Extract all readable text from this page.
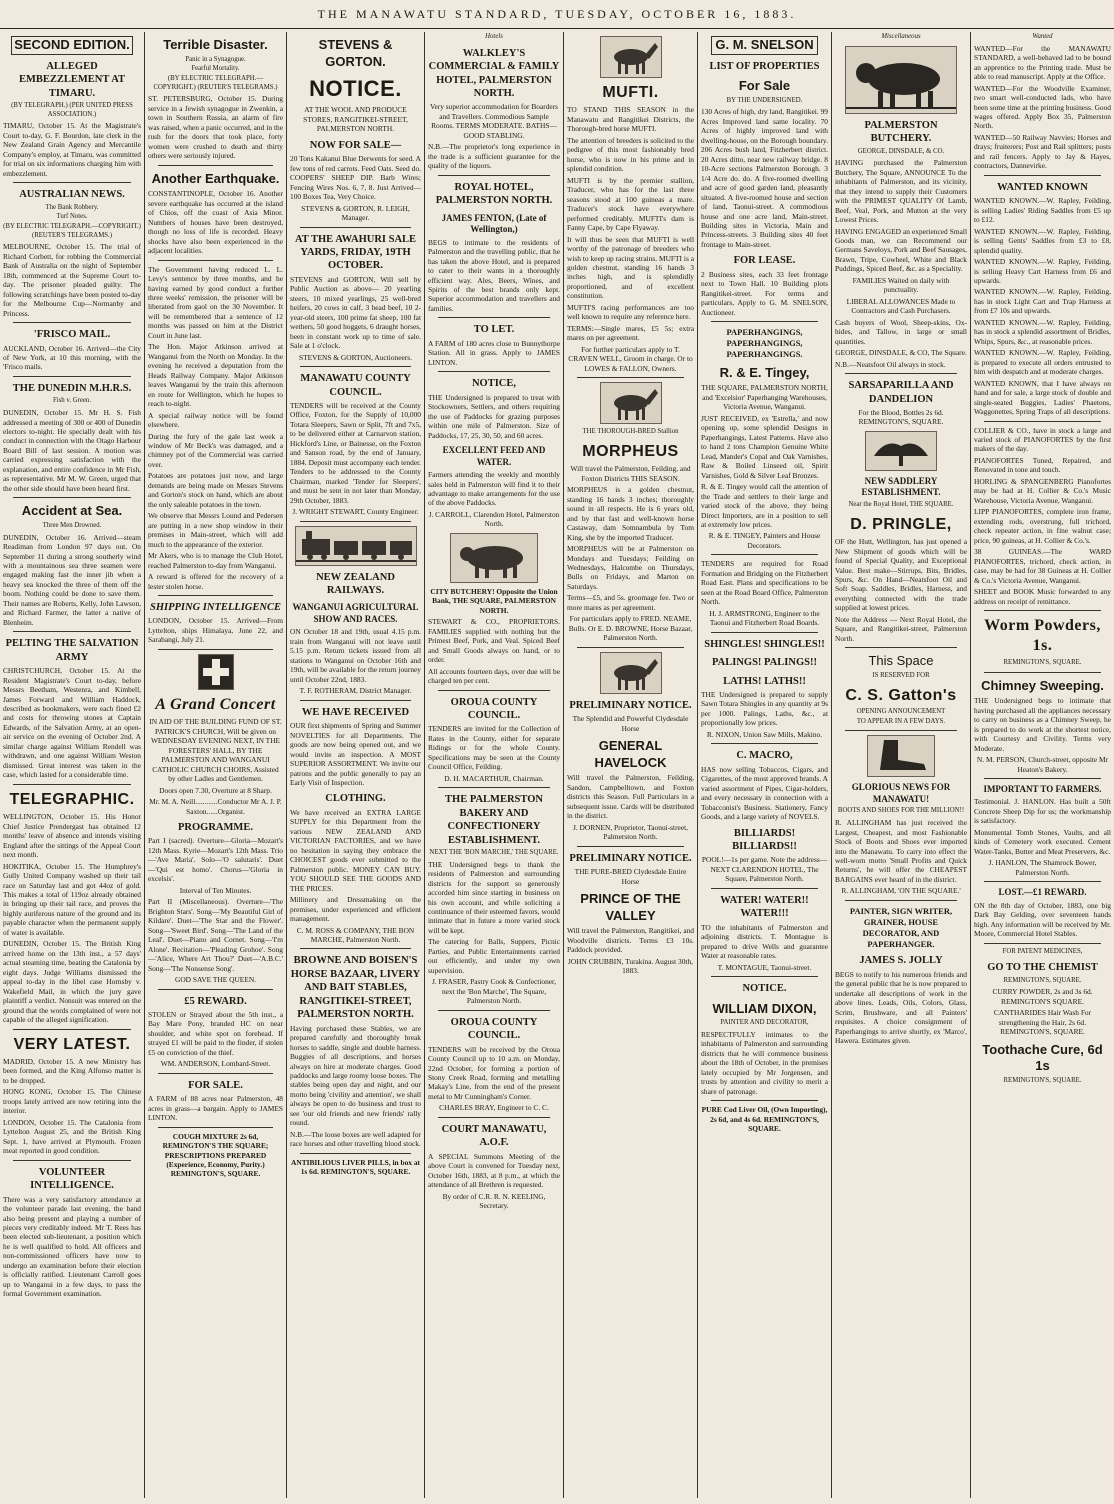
THE MANAWATU STANDARD, TUESDAY, OCTOBER 16, 1883.
SECOND EDITION.
ALLEGED EMBEZZLEMENT AT TIMARU.
(BY TELEGRAPH.) (PER UNITED PRESS ASSOCIATION.)

TIMARU, October 15. At the Magistrate's Court to-day, G. F. Bourdon, late clerk in the New Zealand Grain Agency and Mercantile Company's employ, at Timaru, was committed for trial on six informations charging him with embezzlement.

AUSTRALIAN NEWS.
The Bank Robbery.
Turf Notes.
(BY ELECTRIC TELEGRAPH.—COPYRIGHT.) (REUTER'S TELEGRAMS.)

MELBOURNE, October 15. The trial of Richard Corbett, for robbing the Commercial Bank of Australia on the night of September 18th, commenced at the Supreme Court to-day. The prisoner pleaded guilty. The following scratchings have been posted to-day for the Melbourne Cup—Normanby and Princess.

'FRISCO MAIL.

AUCKLAND, October 16. Arrived—the City of New York, at 10 this morning, with the 'Frisco mails.

THE DUNEDIN M.H.R.S.
Fish v. Green.

DUNEDIN, October 15. Mr H. S. Fish addressed a meeting of 300 or 400 of Dunedin electors to-night. He specially dealt with his conduct in connection with the Otago Harbour Board Bill of last session. A motion was carried expressing satisfaction with the explanation, and entire confidence in Mr Fish, as representative. Mr M. W. Green, urged that the other side should have been heard first.

Accident at Sea.
Three Men Drowned.

DUNEDIN, October 16. Arrived—steam Readiman from London 97 days out. On September 11 during a strong southerly wind with a mountainous sea three seamen were engaged making fast the inner jib when a heavy sea knocked the three of them off the boom. Nothing could be done to save them. Their names are Roberts, Kelly, John Lawson, and Richard Farmer, the latter a native of Blenheim.

PELTING THE SALVATION ARMY

CHRISTCHURCH, October 15. At the Resident Magistrate's Court to-day, before Messrs Beetham, Westenra, and Kimbell, James Forward and William Haddock, described as bookmakers, were each fined £2 and costs for throwing stones at Captain Edwards, of the Salvation Army, at an open-air service on the evening of October 2nd. A similar charge against William Rendell was withdrawn, and one against William Weston dismissed. Great interest was taken in the case, which lasted for a considerable time.

TELEGRAPHIC.

WELLINGTON, October 15. His Honor Chief Justice Prendergast has obtained 12 months' leave of absence and intends visiting England after the sittings of the Appeal Court next month.

HOKITIKA, October 15. The Humphrey's Gully United Company washed up their tail race on Saturday last and got 44oz of gold. This makes a total of 119oz already obtained in bringing up their tail race, and proves the highly auriferous nature of the ground and its payable character when the permanent supply of water is available.

DUNEDIN, October 15. The British King arrived home on the 13th inst., a 57 days' actual steaming time, beating the Catalonia by eight days. Judge Williams dismissed the appeal to-day in the libel case Hornsby v. Wakefield Mail, in which the jury gave plaintiff a verdict. Nonsuit was entered on the ground that the words complained of were not capable of the alleged signification.

VERY LATEST.

MADRID, October 15. A new Ministry has been formed, and the King Alfonso matter is to be dropped.

HONG KONG, October 15. The Chinese troops lately arrived are now retiring into the interior.

LONDON, October 15. The Catalonia from Lyttelton August 25, and the British King Sept. 1, have arrived at Plymouth. Frozen meat reported in good condition.

VOLUNTEER INTELLIGENCE.

There was a very satisfactory attendance at the volunteer parade last evening, the band also being present and playing a number of pieces very creditably indeed. Mr T. Rees has been elected sub-lieutenant, a position which he is well qualified to hold. All officers and non-commissioned officers have now to undergo an examination before their election is officially ratified. Lieutenant Carroll goes up to Wanganui in a few days, to pass the formal Government examination.

Terrible Disaster.
Panic in a Synagogue.
Fearful Mortality.
(BY ELECTRIC TELEGRAPH.—COPYRIGHT.) (REUTER'S TELEGRAMS.)

ST. PETERSBURG, October 15. During service in a Jewish synagogue in Zwenkin, a town in Southern Russia, an alarm of fire was raised, when a panic occurred, and in the rush for the doors that took place, forty women were crushed to death and thirty others were seriously injured.

Another Earthquake.

CONSTANTINOPLE, October 16. Another severe earthquake has occurred at the island of Chios, off the coast of Asia Minor. Numbers of houses have been destroyed, though no loss of life is recorded. Heavy shocks have also been experienced in the adjacent localities.

The Government having reduced L. L. Levy's sentence by three months, and he having earned by good conduct a further three weeks' remission, the prisoner will be liberated from gaol on the 30 November. It will be remembered that a sentence of 12 months was passed on him at the District Court in June last.

The Hon. Major Atkinson arrived at Wanganui from the North on Monday. In the evening he received a deputation from the Heads Railway Company. Major Atkinson leaves Wanganui by the train this afternoon en route for Wellington, which he hopes to reach to-night.

A special railway notice will be found elsewhere.

During the fury of the gale last week a window of Mr Beck's was damaged, and a chimney pot of the Commercial was carried over.

Potatoes are potatoes just now, and large demands are being made on Messrs Stevens and Gorton's stock on hand, which are about the only saleable potatoes in the town.

We observe that Messrs Lound and Pedersen are putting in a new shop window in their premises in Main-street, which will add much to the appearance of the exterior.

Mr Akers, who is to manage the Club Hotel, reached Palmerston to-day from Wanganui.

A reward is offered for the recovery of a lester stolen horse.

SHIPPING INTELLIGENCE

LONDON, October 15. Arrived—From Lyttelton, ships Himalaya, June 22, and Sarabangi, July 21.

A Grand Concert

IN AID OF THE BUILDING FUND OF ST. PATRICK'S CHURCH, Will be given on WEDNESDAY EVENING NEXT, IN THE FORESTERS' HALL, BY THE PALMERSTON AND WANGANUI CATHOLIC CHURCH CHOIRS, Assisted by other Ladies and Gentlemen.

Doors open 7.30, Overture at 8 Sharp.

Mr. M. A. Neill............Conductor Mr A. J. P. Saxton......Organist.

PROGRAMME.

Part I (sacred). Overture—Gloria—Mozart's 12th Mass. Kyrie—Mozart's 12th Mass. Trio—'Ave Maria'. Solo—'O salutaris'. Duet—'Qui est homo'. Chorus—'Gloria in excelsis'.

Interval of Ten Minutes.

Part II (Miscellaneous). Overture—'The Brighton Stars'. Song—'My Beautiful Girl of Kildare'. Duet—'The Star and the Flower'. Song—'Sweet Bird'. Song—'The Land of the Leal'. Duet—Piano and Cornet. Song—'I'm Alone'. Recitation—'Pleading Grohoe'. Song—'Alice, Where Art Thou?' Duet—'A.B.C.' Song—'The Nonsense Song'.

GOD SAVE THE QUEEN.

£5 REWARD.

STOLEN or Strayed about the 5th inst., a Bay Mare Pony, branded HC on near shoulder, and white spot on forehead. If strayed £1 will be paid to the finder, if stolen £5 on conviction of the thief.

WM. ANDERSON, Lombard-Street.

FOR SALE.

A FARM of 88 acres near Palmerston, 48 acres in grass—a bargain. Apply to JAMES LINTON.

COUGH MIXTURE 2s 6d, REMINGTON'S THE SQUARE; PRESCRIPTIONS PREPARED (Experience, Economy, Purity.) REMINGTON'S, SQUARE.

STEVENS & GORTON.
NOTICE.

AT THE WOOL AND PRODUCE STORES, RANGITIKEI-STREET, PALMERSTON NORTH.

NOW FOR SALE—

20 Tons Kakanui Blue Derwents for seed. A few tons of red carrots. Feed Oats. Seed do. COOPERS' SHEEP DIP. Barb Wires; Fencing Wires Nos. 6, 7, 8. Just Arrived—100 Boxes Tea, Very Choice.

STEVENS & GORTON, R. LEIGH, Manager.

AT THE AWAHURI SALE YARDS, FRIDAY, 19TH OCTOBER.

STEVENS and GORTON, Will sell by Public Auction as above— 20 yearling steers, 10 mixed yearlings, 25 well-bred heifers, 20 cows in calf, 3 head beef, 10 2-year-old steers, 100 prime fat sheep, 100 fat wethers, 50 good hoggets, 6 draught horses, been in constant work up to time of sale. Sale at 1 o'clock.

STEVENS & GORTON, Auctioneers.

MANAWATU COUNTY COUNCIL.

TENDERS will be received at the County Office, Foxton, for the Supply of 10,000 Totara Sleepers, Sawn or Split, 7ft and 7x5, to be delivered either at Carnarvon station, Hickford's Line, or Bainesse, on the Foxton and Sanson road, by the end of January, 1884. Deposit must accompany each tender. Tenders to be addressed to the County Chairman, marked 'Tender for Sleepers', and must be sent in not later than Monday, 29th October, 1883.

J. WRIGHT STEWART, County Engineer.

NEW ZEALAND RAILWAYS.
WANGANUI AGRICULTURAL SHOW AND RACES.

ON October 18 and 19th, usual 4.15 p.m. train from Wanganui will not leave until 5.15 p.m. Return tickets issued from all stations to Wanganui on October 16th and 19th, will be available for the return journey until October 22nd, 1883.

T. F. ROTHERAM, District Manager.

WE HAVE RECEIVED

OUR first shipments of Spring and Summer NOVELTIES for all Departments. The goods are now being opened out, and we would invite an inspection. A MOST SUPERIOR ASSORTMENT. We invite our patrons and the public generally to pay an Early Visit of Inspection.

CLOTHING.

We have received an EXTRA LARGE SUPPLY for this Department from the various NEW ZEALAND AND VICTORIAN FACTORIES, and we have no hesitation in saying they embrace the CHOICEST goods ever submitted to the Palmerston public. MONEY CAN BUY. YOU SHOULD SEE THE GOODS AND THE PRICES.

Millinery and Dressmaking on the premises, under experienced and efficient management.

C. M. ROSS & COMPANY, THE BON MARCHE, Palmerston North.

BROWNE AND BOISEN'S HORSE BAZAAR, LIVERY AND BAIT STABLES, RANGITIKEI-STREET, PALMERSTON NORTH.

Having purchased these Stables, we are prepared carefully and thoroughly break horses to saddle, single and double harness. Buggies of all descriptions, and horses always on hire at moderate charges. Good paddocks and large roomy loose boxes. The stables being open day and night, and our motto being 'civility and attention', we shall always be open to do business and trust to see 'our old friends and new friends' rally round.

N.B.—The loose boxes are well adapted for race horses and other travelling blood stock.

ANTIBILIOUS LIVER PILLS, in box at 1s 6d. REMINGTON'S, SQUARE.

Hotels
WALKLEY'S COMMERCIAL & FAMILY HOTEL, PALMERSTON NORTH.

Very superior accommodation for Boarders and Travellers. Commodious Sample Rooms. TERMS MODERATE. BATHS—GOOD STABLING.

N.B.—The proprietor's long experience in the trade is a sufficient guarantee for the quality of the liquors.

ROYAL HOTEL, PALMERSTON NORTH.
JAMES FENTON, (Late of Wellington,)

BEGS to intimate to the residents of Palmerston and the travelling public, that he has taken the above Hotel, and is prepared to cater to their wants in a thoroughly efficient way. Ales, Beers, Wines, and Spirits of the best brands only kept. Superior accommodation and travellers and families.

TO LET.

A FARM of 180 acres close to Bunnythorpe Station. All in grass. Apply to JAMES LINTON.

NOTICE,

THE Undersigned is prepared to treat with Stockowners, Settlers, and others requiring the use of Paddocks for grazing purposes within one mile of Palmerston. Size of Paddocks, 17, 25, 30, 50, and 60 acres.

EXCELLENT FEED AND WATER.

Farmers attending the weekly and monthly sales held in Palmerston will find it to their advantage to make arrangements for the use of the above Paddocks.

J. CARROLL, Clarendon Hotel, Palmerston North.

CITY BUTCHERY! Opposite the Union Bank, THE SQUARE, PALMERSTON NORTH.

STEWART & CO., PROPRIETORS. FAMILIES supplied with nothing but the Primest Beef, Pork, and Veal. Spiced Beef and Small Goods always on hand, or to order.

All accounts fourteen days, over due will be charged ten per cent.

OROUA COUNTY COUNCIL.

TENDERS are invited for the Collection of Rates in the County, either for separate Ridings or for the whole County. Specifications may be seen at the County Council Office, Feilding.

D. H. MACARTHUR, Chairman.

THE PALMERSTON BAKERY AND CONFECTIONERY ESTABLISHMENT.
NEXT THE 'BON MARCHE,' THE SQUARE.

THE Undersigned begs to thank the residents of Palmerston and surrounding districts for the support so generously accorded him since starting in business on his own account, and while soliciting a continuance of their esteemed favors, would intimate that in future a more varied stock will be kept.

The catering for Balls, Suppers, Picnic Parties, and Public Entertainments carried out efficiently, and under my own supervision.

J. FRASER, Pastry Cook & Confectioner, next the 'Bon Marche', The Square, Palmerston North.

OROUA COUNTY COUNCIL.

TENDERS will be received by the Oroua County Council up to 10 a.m. on Monday, 22nd October, for forming a portion of Stony Creek Road, forming and metalling Makay's Line, from the end of the present metal to Mr Cunningham's Corner.

CHARLES BRAY, Engineer to C. C.

COURT MANAWATU, A.O.F.

A SPECIAL Summons Meeting of the above Court is convened for Tuesday next, October 16th, 1883, at 8 p.m., at which the attendance of all Brethren is requested.

By order of C.R. R. N. KEELING, Secretary.

MUFTI.

TO STAND THIS SEASON in the Manawatu and Rangitikei Districts, the Thorough-bred horse MUFTI.

The attention of breeders is solicited to the pedigree of this most fashionably bred horse, who is now in his prime and in splendid condition.

MUFTI is by the premier stallion, Traducer, who has for the last three seasons stood at 100 guineas a mare. Traducer's stock have everywhere performed creditably. MUFTI's dam is Fanny Cape, by Cape Flyaway.

It will thus be seen that MUFTI is well worthy of the patronage of breeders who wish to keep up racing strains. MUFTI is a golden chestnut, standing 16 hands 3 inches high, and is splendidly proportioned, and of excellent constitution.

MUFTI'S racing performances are too well known to require any reference here.

TERMS:—Single mares, £5 5s; extra mares on per agreement.

For further particulars apply to T. CRAVEN WELL, Groom in charge. Or to LOWES & FALLON, Owners.

THE THOROUGH-BRED Stallion
MORPHEUS

Will travel the Palmerston, Feilding, and Foxton Districts THIS SEASON.

MORPHEUS is a golden chestnut, standing 16 hands 3 inches; thoroughly sound in all respects. He is 6 years old, and by that fast and well-known horse Castaway, dam Somnambula by Tom King, she by the imported Traducer.

MORPHEUS will be at Palmerston on Mondays and Tuesdays; Feilding on Wednesdays, Halcombe on Thursdays, Bulls on Fridays, and Marton on Saturdays.

Terms—£5, and 5s. groomage fee. Two or more mares as per agreement.

For particulars apply to FRED. NEAME, Bulls. Or E. D. BROWNE, Horse Bazaar, Palmerston North.

PRELIMINARY NOTICE.

The Splendid and Powerful Clydesdale Horse

GENERAL HAVELOCK

Will travel the Palmerston, Feilding, Sandon, Campbelltown, and Foxton districts this Season. Full Particulars in a subsequent issue. Cards will be distributed in the district.

J. DORNEN, Proprietor, Taonui-street, Palmerston North.

PRELIMINARY NOTICE.

THE PURE-BRED Clydesdale Entire Horse

PRINCE OF THE VALLEY

Will travel the Palmerston, Rangitikei, and Woodville districts. Terms £3 10s. Paddock provided.

JOHN CRUBBIN, Turakina. August 30th, 1883.

G. M. SNELSON
LIST OF PROPERTIES
For Sale
BY THE UNDERSIGNED.

130 Acres of high, dry land, Rangitikei. 99 Acres Improved land same locality. 70 Acres of highly improved land with dwelling-house, on the Borough boundary. 206 Acres bush land, Fitzherbert district. 20 Acres ditto, near new railway bridge. 8 10-Acre sections Palmerston Borough. 3 1/4 Acre do. do. A five-roomed dwelling and acre of good garden land, pleasantly situated. A five-roomed house and section of land, Taonui-street. A commodious house and one acre land, Main-street. Building sites in Victoria, Main and Princess-streets. 3 Building sites 40 feet frontage to Main-street.

FOR LEASE.

2 Business sites, each 33 feet frontage next to Town Hall. 10 Building plots Rangitikei-street. For terms and particulars, Apply to G. M. SNELSON, Auctioneer.

PAPERHANGINGS, PAPERHANGINGS, PAPERHANGINGS.
R. & E. Tingey,

THE SQUARE, PALMERSTON NORTH, and 'Excelsior' Paperhanging Warehouses, Victoria Avenue, Wanganui.

JUST RECEIVED, ex 'Estrella,' and now opening up, some splendid Designs in Paperhangings, Latest Patterns. Have also to hand 2 tons Champion Genuine White Lead, Mander's Copal and Oak Varnishes, Raw & Boiled Linseed oil, Spirit Varnishes, Gold & Silver Leaf Bronzes.

R. & E. Tingey would call the attention of the Trade and settlers to their large and varied stock of the above, they being Direct Importers, are in a position to sell at extremely low prices.

R. & E. TINGEY, Painters and House Decorators.

TENDERS are required for Road Formation and Bridging on the Fitzherbert Road East. Plans and specifications to be seen at the Road Board Office, Palmerston North.

H. J. ARMSTRONG, Engineer to the Taonui and Fitzherbert Road Boards.

SHINGLES! SHINGLES!!
PALINGS! PALINGS!!
LATHS! LATHS!!

THE Undersigned is prepared to supply Sawn Totara Shingles in any quantity at 9s per 1000. Palings, Laths, &c., at proportionally low prices.

R. NIXON, Union Saw Mills, Makino.

C. MACRO,

HAS now selling Tobaccos, Cigars, and Cigarettes, of the most approved brands. A varied assortment of Pipes, Cigar-holders, and every necessary in connection with a Tobacconist's Business. Stationery, Fancy Goods, and a large variety of NOVELS.

BILLIARDS! BILLIARDS!!

POOL!—1s per game. Note the address—NEXT CLARENDON HOTEL, The Square, Palmerston North.

WATER! WATER!! WATER!!!

TO the inhabitants of Palmerston and adjoining districts. T. Montague is prepared to drive Wells and guarantee Water at reasonable rates.

T. MONTAGUE, Taonui-street.

NOTICE.
WILLIAM DIXON,
PAINTER AND DECORATOR,

RESPECTFULLY intimates to the inhabitants of Palmerston and surrounding districts that he will commence business about the 18th of October, in the premises lately occupied by Mr Jorgensen, and trusts by attention and civility to merit a share of patronage.

PURE Cod Liver Oil, (Own Importing), 2s 6d, and 4s 6d. REMINGTON'S, SQUARE.

Miscellaneous
PALMERSTON BUTCHERY.
GEORGE, DINSDALE, & CO.

HAVING purchased the Palmerston Butchery, The Square, ANNOUNCE To the inhabitants of Palmerston, and its vicinity, that they intend to supply their Customers with the PRIMEST QUALITY Of Lamb, Beef, Veal, Pork, and Mutton at the very Lowest Prices.

HAVING ENGAGED an experienced Small Goods man, we can Recommend our Germans Saveloys, Pork and Beef Sausages, Brawn, Tripe, Cowheel, White and Black Puddings, Spiced Beef, &c. as a Speciality.

FAMILIES Waited on daily with punctuality.

LIBERAL ALLOWANCES Made to Contractors and Cash Purchasers.

Cash buyers of Wool, Sheep-skins, Ox-hides, and Tallow, in large or small quantities.

GEORGE, DINSDALE, & CO, The Square.

N.B.—Neatsfoot Oil always in stock.

SARSAPARILLA AND DANDELION

For the Blood, Bottles 2s 6d. REMINGTON'S, SQUARE.

NEW SADDLERY ESTABLISHMENT.
Near the Royal Hotel, THE SQUARE.
D. PRINGLE,

OF the Hutt, Wellington, has just opened a New Shipment of goods which will be found of Special Quality, and Exceptional Value. Best make—Stirrups, Bits, Bridles, Spurs, &c. On Hand—Neatsfoot Oil and Soft Soap. Saddles, Bridles, Harness, and everything connected with the trade supplied at lowest prices.

Note the Address — Next Royal Hotel, the Square, and Rangitikei-street, Palmerston North.

This Space
IS RESERVED FOR
C. S. Gatton's
OPENING ANNOUNCEMENT
TO APPEAR IN A FEW DAYS.
GLORIOUS NEWS FOR MANAWATU!
BOOTS AND SHOES FOR THE MILLION!!

R. ALLINGHAM has just received the Largest, Cheapest, and most Fashionable Stock of Boots and Shoes ever imported into the Manawatu. To carry into effect the well-worn motto 'Small Profits and Quick Returns', he will offer the CHEAPEST BARGAINS ever heard of in the district.

R. ALLINGHAM, 'ON THE SQUARE.'

PAINTER, SIGN WRITER, GRAINER, HOUSE DECORATOR, AND PAPERHANGER.
JAMES S. JOLLY

BEGS to notify to his numerous friends and the general public that he is now prepared to undertake all descriptions of work in the above lines. Leads, Oils, Colors, Glass, Scrim, Brushware, and all Painters' requisites. A choice consignment of Paperhangings to arrive shortly, ex 'Marco', Hawera. Estimates given.

Wanted

WANTED—For the MANAWATU STANDARD, a well-behaved lad to be bound an apprentice to the Printing trade. Must be able to read manuscript. Apply at the Office.

WANTED—For the Woodville Examiner, two smart well-conducted lads, who have been some time at the printing business. Good wages offered. Apply Box 35, Palmerston North.

WANTED—50 Railway Navvies; Horses and drays; fruiterers; Post and Rail splitters; posts and rail fencers. Apply to Jay & Hayes, contractors, Dannevirke.

WANTED KNOWN

WANTED KNOWN.—W. Rapley, Feilding, is selling Ladies' Riding Saddles from £5 up to £12.

WANTED KNOWN.—W. Rapley, Feilding, is selling Gents' Saddles from £3 to £8, splendid quality.

WANTED KNOWN.—W. Rapley, Feilding, is selling Heavy Cart Harness from £6 and upwards.

WANTED KNOWN.—W. Rapley, Feilding, has in stock Light Cart and Trap Harness at from £7 10s and upwards.

WANTED KNOWN.—W. Rapley, Feilding, has in stock a splendid assortment of Bridles, Whips, Spurs, &c., at reasonable prices.

WANTED KNOWN.—W. Rapley, Feilding, is prepared to execute all orders entrusted to him with despatch and at moderate charges.

WANTED KNOWN, that I have always on hand and for sale, a large stock of double and single-seated Buggies, Ladies' Phaetons, Waggonettes, Spring Traps of all descriptions.

COLLIER & CO., have in stock a large and varied stock of PIANOFORTES by the first makers of the day.

PIANOFORTES Tuned, Repaired, and Renovated in tone and touch.

HORLING & SPANGENBERG Pianofortes may be had at H. Collier & Co.'s Music Warehouse, Victoria Avenue, Wanganui.

LIPP PIANOFORTES, complete iron frame, extending rods, overstrung, full trichord, check repeater action, in fine walnut case; price, 90 guineas, at H. Collier & Co.'s.

38 GUINEAS.—The WARD PIANOFORTES, trichord, check action, in case, may be had for 38 Guineas at H. Collier & Co.'s Victoria Avenue, Wanganui.

SHEET and BOOK Music forwarded to any address on receipt of remittance.

Worm Powders, 1s.
REMINGTON'S, SQUARE.
Chimney Sweeping.

THE Undersigned begs to intimate that having purchased all the appliances necessary to carry on business as a Chimney Sweep, he is prepared to do work at the shortest notice, with Courtesy and Civility. Terms very Moderate.

N. M. PERSON, Church-street, opposite Mr Heaton's Bakery.

IMPORTANT TO FARMERS.

Testimonial. J. HANLON. Has built a 50ft Concrete Sheep Dip for us; the workmanship is satisfactory.

Monumental Tomb Stones, Vaults, and all kinds of Cemetery work executed. Cement Water-Tanks, Butter and Meat Preservers, &c.

J. HANLON, The Shamrock Bower, Palmerston North.

LOST.—£1 REWARD.

ON the 8th day of October, 1883, one big Dark Bay Gelding, over seventeen hands high. Any information will be received by Mr. Moore, Commercial Hotel Stables.

FOR PATENT MEDICINES,
GO TO THE CHEMIST
REMINGTON'S, SQUARE.

CURRY POWDER, 2s and 3s 6d. REMINGTON'S SQUARE.

CANTHARIDES Hair Wash For strengthening the Hair, 2s 6d. REMINGTON'S, SQUARE.

Toothache Cure, 6d 1s
REMINGTON'S, SQUARE.
